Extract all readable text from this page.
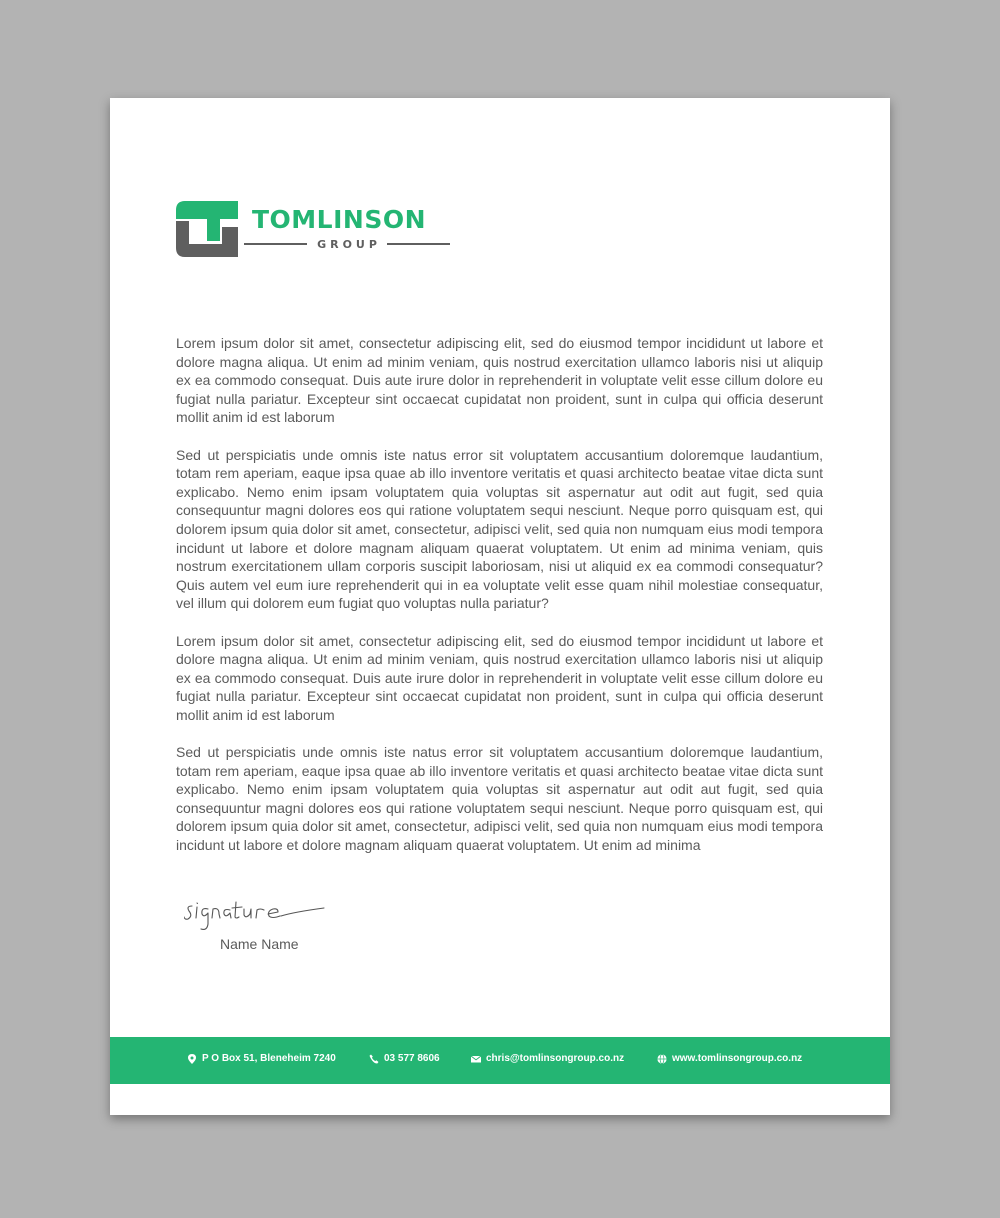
TOMLINSON
GROUP

Lorem ipsum dolor sit amet, consectetur adipiscing elit, sed do eiusmod tempor incididunt ut labore et dolore magna aliqua. Ut enim ad minim veniam, quis nostrud exercitation ullamco laboris nisi ut aliquip ex ea commodo consequat. Duis aute irure dolor in reprehenderit in voluptate velit esse cillum dolore eu fugiat nulla pariatur. Excepteur sint occaecat cupidatat non proident, sunt in culpa qui officia deserunt mollit anim id est laborum

Sed ut perspiciatis unde omnis iste natus error sit voluptatem accusantium doloremque laudantium, totam rem aperiam, eaque ipsa quae ab illo inventore veritatis et quasi architecto beatae vitae dicta sunt explicabo. Nemo enim ipsam voluptatem quia voluptas sit aspernatur aut odit aut fugit, sed quia consequuntur magni dolores eos qui ratione voluptatem sequi nesciunt. Neque porro quisquam est, qui dolorem ipsum quia dolor sit amet, consectetur, adipisci velit, sed quia non numquam eius modi tempora incidunt ut labore et dolore magnam aliquam quaerat voluptatem. Ut enim ad minima veniam, quis nostrum exercitationem ullam corporis suscipit laboriosam, nisi ut aliquid ex ea commodi consequatur? Quis autem vel eum iure reprehenderit qui in ea voluptate velit esse quam nihil molestiae consequatur, vel illum qui dolorem eum fugiat quo voluptas nulla pariatur?

Lorem ipsum dolor sit amet, consectetur adipiscing elit, sed do eiusmod tempor incididunt ut labore et dolore magna aliqua. Ut enim ad minim veniam, quis nostrud exercitation ullamco laboris nisi ut aliquip ex ea commodo consequat. Duis aute irure dolor in reprehenderit in voluptate velit esse cillum dolore eu fugiat nulla pariatur. Excepteur sint occaecat cupidatat non proident, sunt in culpa qui officia deserunt mollit anim id est laborum

Sed ut perspiciatis unde omnis iste natus error sit voluptatem accusantium doloremque laudantium, totam rem aperiam, eaque ipsa quae ab illo inventore veritatis et quasi architecto beatae vitae dicta sunt explicabo. Nemo enim ipsam voluptatem quia voluptas sit aspernatur aut odit aut fugit, sed quia consequuntur magni dolores eos qui ratione voluptatem sequi nesciunt. Neque porro quisquam est, qui dolorem ipsum quia dolor sit amet, consectetur, adipisci velit, sed quia non numquam eius modi tempora incidunt ut labore et dolore magnam aliquam quaerat voluptatem. Ut enim ad minima

Name Name
P O Box 51, Bleneheim 7240	03 577 8606	chris@tomlinsongroup.co.nz	www.tomlinsongroup.co.nz
